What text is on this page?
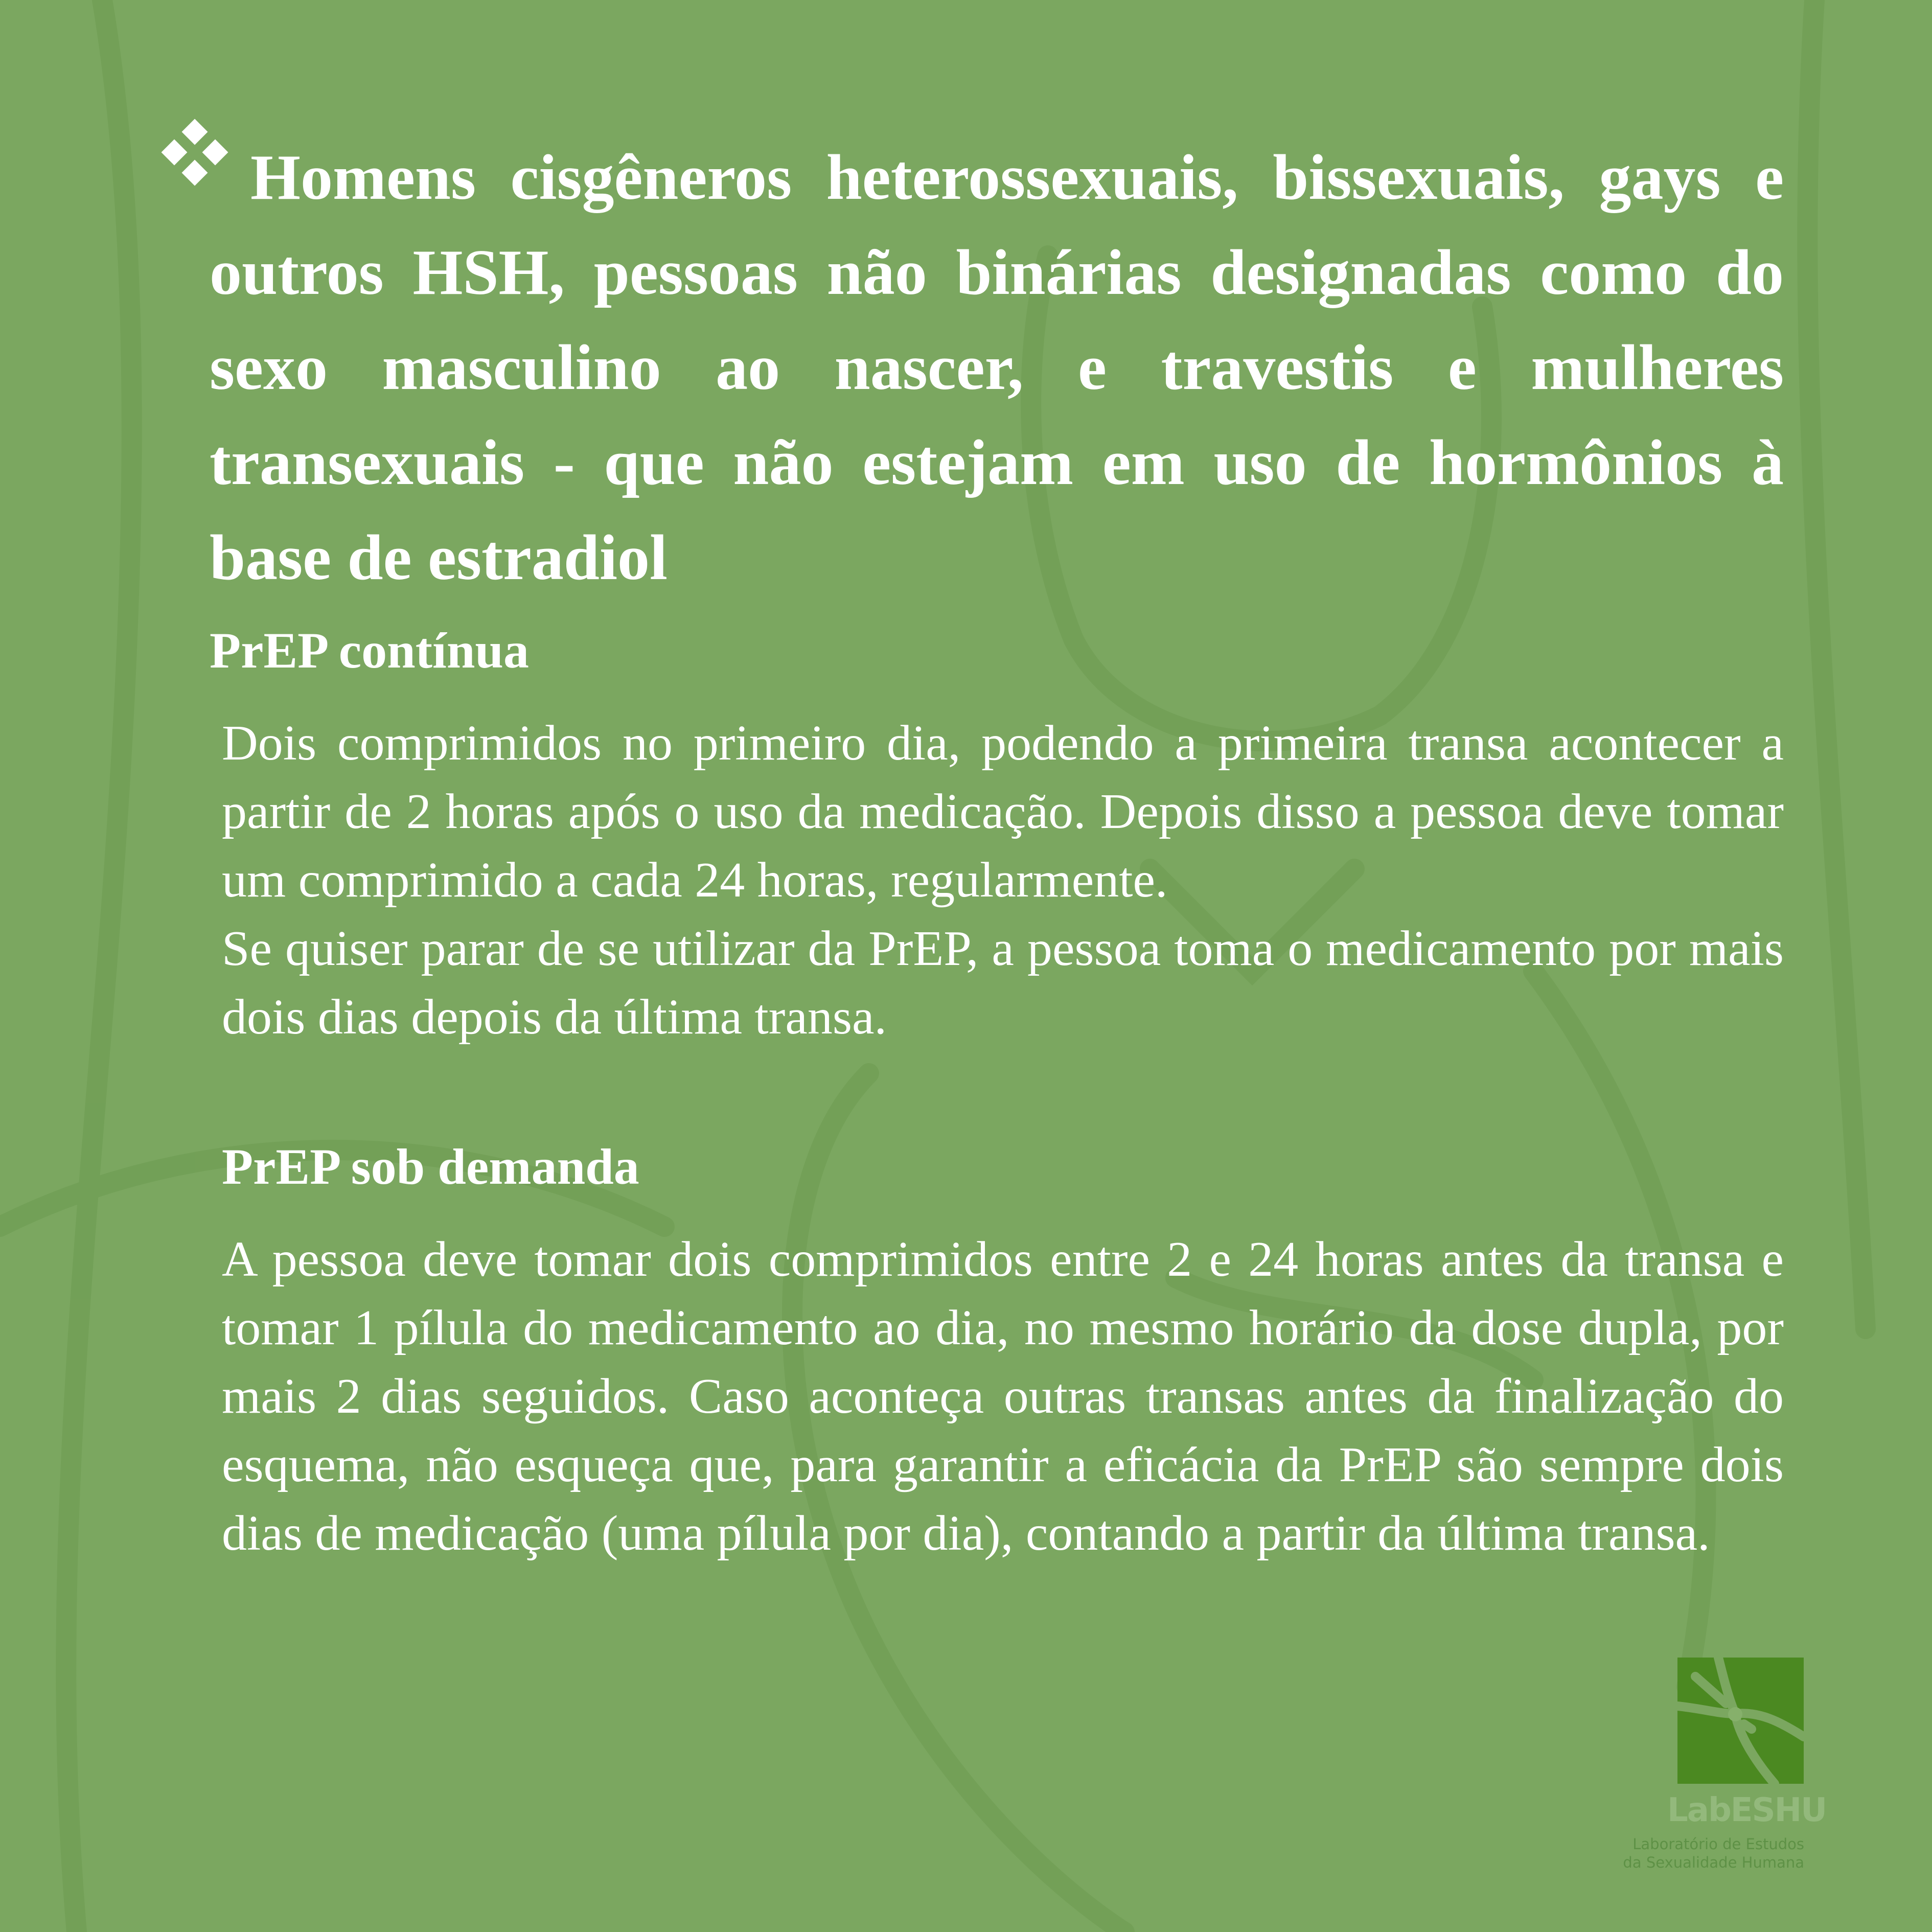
Homens cisgêneros heterossexuais, bissexuais, gays e outros HSH, pessoas não binárias designadas como do sexo masculino ao nascer, e travestis e mulheres transexuais - que não estejam em uso de hormônios à base de estradiol
PrEP contínua

Dois comprimidos no primeiro dia, podendo a primeira transa acontecer a partir de 2 horas após o uso da medicação. Depois disso a pessoa deve tomar um comprimido a cada 24 horas, regularmente.

Se quiser parar de se utilizar da PrEP, a pessoa toma o medicamento por mais dois dias depois da última transa.

PrEP sob demanda

A pessoa deve tomar dois comprimidos entre 2 e 24 horas antes da transa e tomar 1 pílula do medicamento ao dia, no mesmo horário da dose dupla, por mais 2 dias seguidos. Caso aconteça outras transas antes da finalização do esquema, não esqueça que, para garantir a eficácia da PrEP são sempre dois dias de medicação (uma pílula por dia), contando a partir da última transa.

LabESHU
Laboratório de Estudos
da Sexualidade Humana
